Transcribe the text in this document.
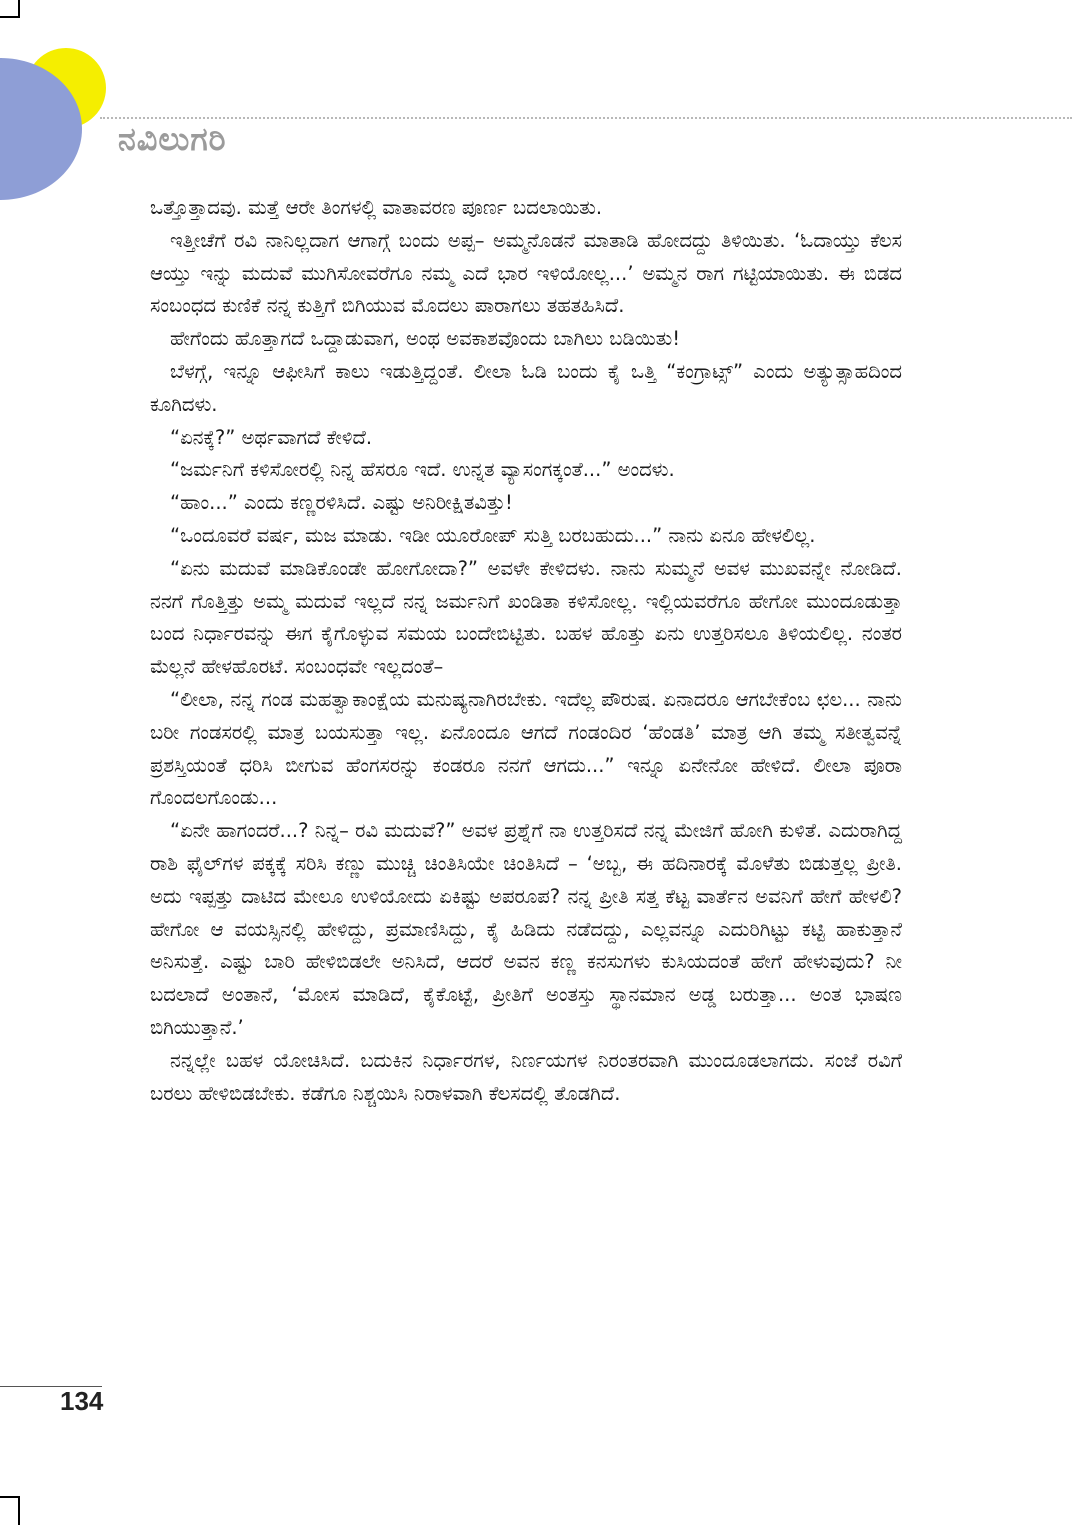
ನವಿಲುಗರಿ

ಒತ್ತೊತ್ತಾದವು. ಮತ್ತೆ ಆರೇ ತಿಂಗಳಲ್ಲಿ ವಾತಾವರಣ ಪೂರ್ಣ ಬದಲಾಯಿತು.

ಇತ್ತೀಚೆಗೆ ರವಿ ನಾನಿಲ್ಲದಾಗ ಆಗಾಗ್ಗೆ ಬಂದು ಅಪ್ಪ– ಅಮ್ಮನೊಡನೆ ಮಾತಾಡಿ ಹೋದದ್ದು ತಿಳಿಯಿತು. ‘ಓದಾಯ್ತು ಕೆಲಸ ಆಯ್ತು ಇನ್ನು ಮದುವೆ ಮುಗಿಸೋವರೆಗೂ ನಮ್ಮ ಎದೆ ಭಾರ ಇಳಿಯೋಲ್ಲ...’ ಅಮ್ಮನ ರಾಗ ಗಟ್ಟಿಯಾಯಿತು. ಈ ಬಿಡದ ಸಂಬಂಧದ ಕುಣಿಕೆ ನನ್ನ ಕುತ್ತಿಗೆ ಬಿಗಿಯುವ ಮೊದಲು ಪಾರಾಗಲು ತಹತಹಿಸಿದೆ.

ಹೇಗೆಂದು ಹೊತ್ತಾಗದೆ ಒದ್ದಾಡುವಾಗ, ಅಂಥ ಅವಕಾಶವೊಂದು ಬಾಗಿಲು ಬಡಿಯಿತು!

ಬೆಳಗ್ಗೆ, ಇನ್ನೂ ಆಫೀಸಿಗೆ ಕಾಲು ಇಡುತ್ತಿದ್ದಂತೆ. ಲೀಲಾ ಓಡಿ ಬಂದು ಕೈ ಒತ್ತಿ “ಕಂಗ್ರಾಟ್ಸ್” ಎಂದು ಅತ್ಯುತ್ಸಾಹದಿಂದ ಕೂಗಿದಳು.

“ಏನಕ್ಕೆ?” ಅರ್ಥವಾಗದೆ ಕೇಳಿದೆ.

“ಜರ್ಮನಿಗೆ ಕಳಿಸೋರಲ್ಲಿ ನಿನ್ನ ಹೆಸರೂ ಇದೆ. ಉನ್ನತ ವ್ಯಾಸಂಗಕ್ಕಂತೆ...” ಅಂದಳು.

“ಹಾಂ...” ಎಂದು ಕಣ್ಣರಳಿಸಿದೆ. ಎಷ್ಟು ಅನಿರೀಕ್ಷಿತವಿತ್ತು!

“ಒಂದೂವರೆ ವರ್ಷ, ಮಜ ಮಾಡು. ಇಡೀ ಯೂರೋಪ್ ಸುತ್ತಿ ಬರಬಹುದು...” ನಾನು ಏನೂ ಹೇಳಲಿಲ್ಲ.

“ಏನು ಮದುವೆ ಮಾಡಿಕೊಂಡೇ ಹೋಗೋದಾ?” ಅವಳೇ ಕೇಳಿದಳು. ನಾನು ಸುಮ್ಮನೆ ಅವಳ ಮುಖವನ್ನೇ ನೋಡಿದೆ. ನನಗೆ ಗೊತ್ತಿತ್ತು ಅಮ್ಮ ಮದುವೆ ಇಲ್ಲದೆ ನನ್ನ ಜರ್ಮನಿಗೆ ಖಂಡಿತಾ ಕಳಿಸೋಲ್ಲ. ಇಲ್ಲಿಯವರೆಗೂ ಹೇಗೋ ಮುಂದೂಡುತ್ತಾ ಬಂದ ನಿರ್ಧಾರವನ್ನು ಈಗ ಕೈಗೊಳ್ಳುವ ಸಮಯ ಬಂದೇಬಿಟ್ಟಿತು. ಬಹಳ ಹೊತ್ತು ಏನು ಉತ್ತರಿಸಲೂ ತಿಳಿಯಲಿಲ್ಲ. ನಂತರ ಮೆಲ್ಲನೆ ಹೇಳಹೊರಟೆ. ಸಂಬಂಧವೇ ಇಲ್ಲದಂತೆ–

“ಲೀಲಾ, ನನ್ನ ಗಂಡ ಮಹತ್ವಾಕಾಂಕ್ಷೆಯ ಮನುಷ್ಯನಾಗಿರಬೇಕು. ಇದೆಲ್ಲ ಪೌರುಷ. ಏನಾದರೂ ಆಗಬೇಕೆಂಬ ಛಲ... ನಾನು ಬರೀ ಗಂಡಸರಲ್ಲಿ ಮಾತ್ರ ಬಯಸುತ್ತಾ ಇಲ್ಲ. ಏನೊಂದೂ ಆಗದೆ ಗಂಡಂದಿರ ‘ಹೆಂಡತಿ’ ಮಾತ್ರ ಆಗಿ ತಮ್ಮ ಸತೀತ್ವವನ್ನೆ ಪ್ರಶಸ್ತಿಯಂತೆ ಧರಿಸಿ ಬೀಗುವ ಹೆಂಗಸರನ್ನು ಕಂಡರೂ ನನಗೆ ಆಗದು...” ಇನ್ನೂ ಏನೇನೋ ಹೇಳಿದೆ. ಲೀಲಾ ಪೂರಾ ಗೊಂದಲಗೊಂಡು...

“ಏನೇ ಹಾಗಂದರೆ...? ನಿನ್ನ– ರವಿ ಮದುವೆ?” ಅವಳ ಪ್ರಶ್ನೆಗೆ ನಾ ಉತ್ತರಿಸದೆ ನನ್ನ ಮೇಜಿಗೆ ಹೋಗಿ ಕುಳಿತೆ. ಎದುರಾಗಿದ್ದ ರಾಶಿ ಫೈಲ್‌ಗಳ ಪಕ್ಕಕ್ಕೆ ಸರಿಸಿ ಕಣ್ಣು ಮುಚ್ಚಿ ಚಿಂತಿಸಿಯೇ ಚಿಂತಿಸಿದೆ – ‘ಅಬ್ಬ, ಈ ಹದಿನಾರಕ್ಕೆ ಮೊಳೆತು ಬಿಡುತ್ತಲ್ಲ ಪ್ರೀತಿ. ಅದು ಇಪ್ಪತ್ತು ದಾಟಿದ ಮೇಲೂ ಉಳಿಯೋದು ಏಕಿಷ್ಟು ಅಪರೂಪ? ನನ್ನ ಪ್ರೀತಿ ಸತ್ತ ಕೆಟ್ಟ ವಾರ್ತೆನ ಅವನಿಗೆ ಹೇಗೆ ಹೇಳಲಿ? ಹೇಗೋ ಆ ವಯಸ್ಸಿನಲ್ಲಿ ಹೇಳಿದ್ದು, ಪ್ರಮಾಣಿಸಿದ್ದು, ಕೈ ಹಿಡಿದು ನಡೆದದ್ದು, ಎಲ್ಲವನ್ನೂ ಎದುರಿಗಿಟ್ಟು ಕಟ್ಟಿ ಹಾಕುತ್ತಾನೆ ಅನಿಸುತ್ತೆ. ಎಷ್ಟು ಬಾರಿ ಹೇಳಿಬಿಡಲೇ ಅನಿಸಿದೆ, ಆದರೆ ಅವನ ಕಣ್ಣ ಕನಸುಗಳು ಕುಸಿಯದಂತೆ ಹೇಗೆ ಹೇಳುವುದು? ನೀ ಬದಲಾದೆ ಅಂತಾನೆ, ‘ಮೋಸ ಮಾಡಿದೆ, ಕೈಕೊಟ್ಟೆ, ಪ್ರೀತಿಗೆ ಅಂತಸ್ತು ಸ್ಥಾನಮಾನ ಅಡ್ಡ ಬರುತ್ತಾ... ಅಂತ ಭಾಷಣ ಬಿಗಿಯುತ್ತಾನೆ.’

ನನ್ನಲ್ಲೇ ಬಹಳ ಯೋಚಿಸಿದೆ. ಬದುಕಿನ ನಿರ್ಧಾರಗಳ, ನಿರ್ಣಯಗಳ ನಿರಂತರವಾಗಿ ಮುಂದೂಡಲಾಗದು. ಸಂಜೆ ರವಿಗೆ ಬರಲು ಹೇಳಿಬಿಡಬೇಕು. ಕಡೆಗೂ ನಿಶ್ಚಯಿಸಿ ನಿರಾಳವಾಗಿ ಕೆಲಸದಲ್ಲಿ ತೊಡಗಿದೆ.

134
